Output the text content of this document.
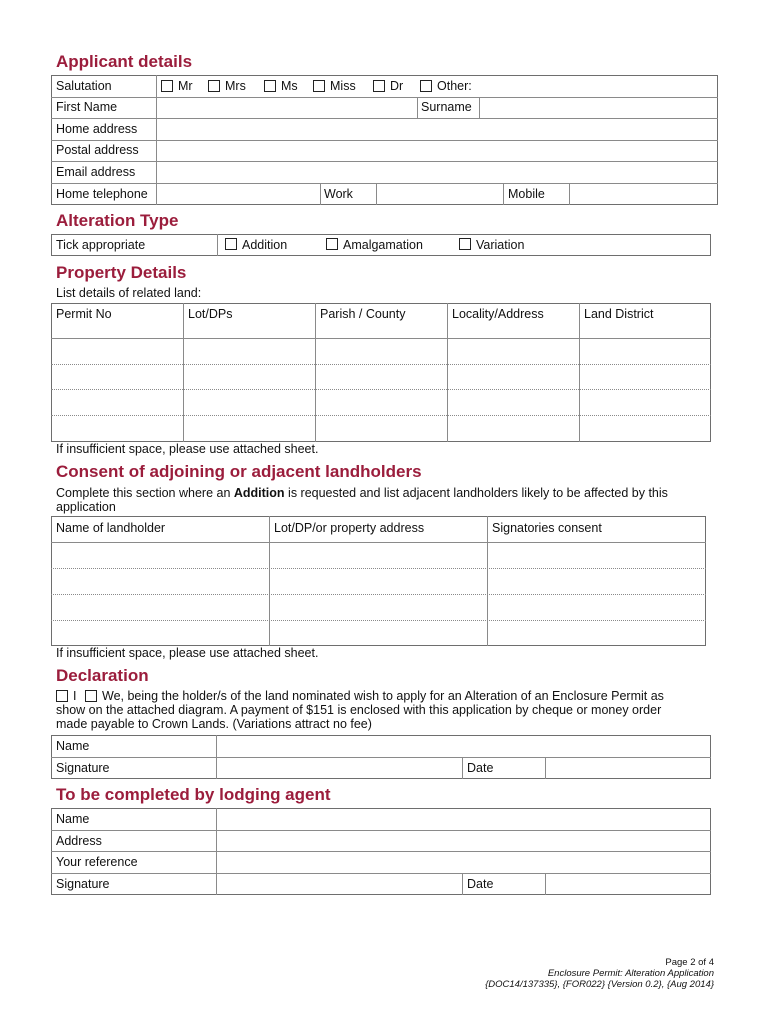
Applicant details
Salutation	Mr	Mrs	Ms	Miss	Dr	Other:
First Name	Surname
Home address
Postal address
Email address
Home telephone	Work	Mobile
Alteration Type
Tick appropriate	Addition	Amalgamation	Variation
Property Details
List details of related land:
Permit No	Lot/DPs	Parish / County	Locality/Address	Land District
If insufficient space, please use attached sheet.
Consent of adjoining or adjacent landholders
Complete this section where an Addition is requested and list adjacent landholders likely to be affected by this
application
Name of landholder	Lot/DP/or property address	Signatories consent
If insufficient space, please use attached sheet.
Declaration
I We, being the holder/s of the land nominated wish to apply for an Alteration of an Enclosure Permit as
show on the attached diagram. A payment of $151 is enclosed with this application by cheque or money order
made payable to Crown Lands. (Variations attract no fee)
Name
Signature	Date
To be completed by lodging agent
Name
Address
Your reference
Signature	Date
Page 2 of 4
Enclosure Permit: Alteration Application
{DOC14/137335}, {FOR022} {Version 0.2}, {Aug 2014}
